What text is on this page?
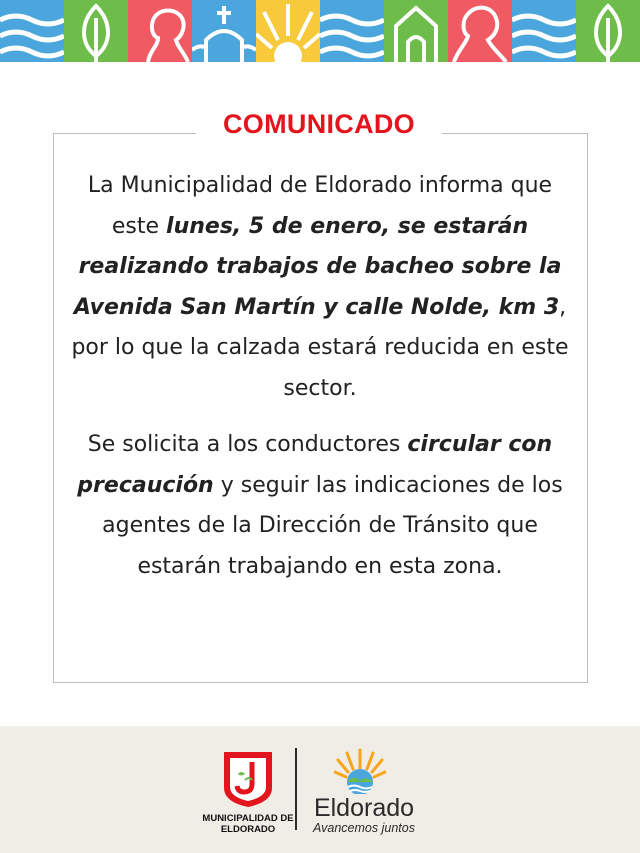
COMUNICADO

La Municipalidad de Eldorado informa que este lunes, 5 de enero, se estarán realizando trabajos de bacheo sobre la Avenida San Martín y calle Nolde, km 3, por lo que la calzada estará reducida en este sector.

Se solicita a los conductores circular con precaución y seguir las indicaciones de los agentes de la Dirección de Tránsito que estarán trabajando en esta zona.

MUNICIPALIDAD DE ELDORADO
Eldorado
Avancemos juntos
